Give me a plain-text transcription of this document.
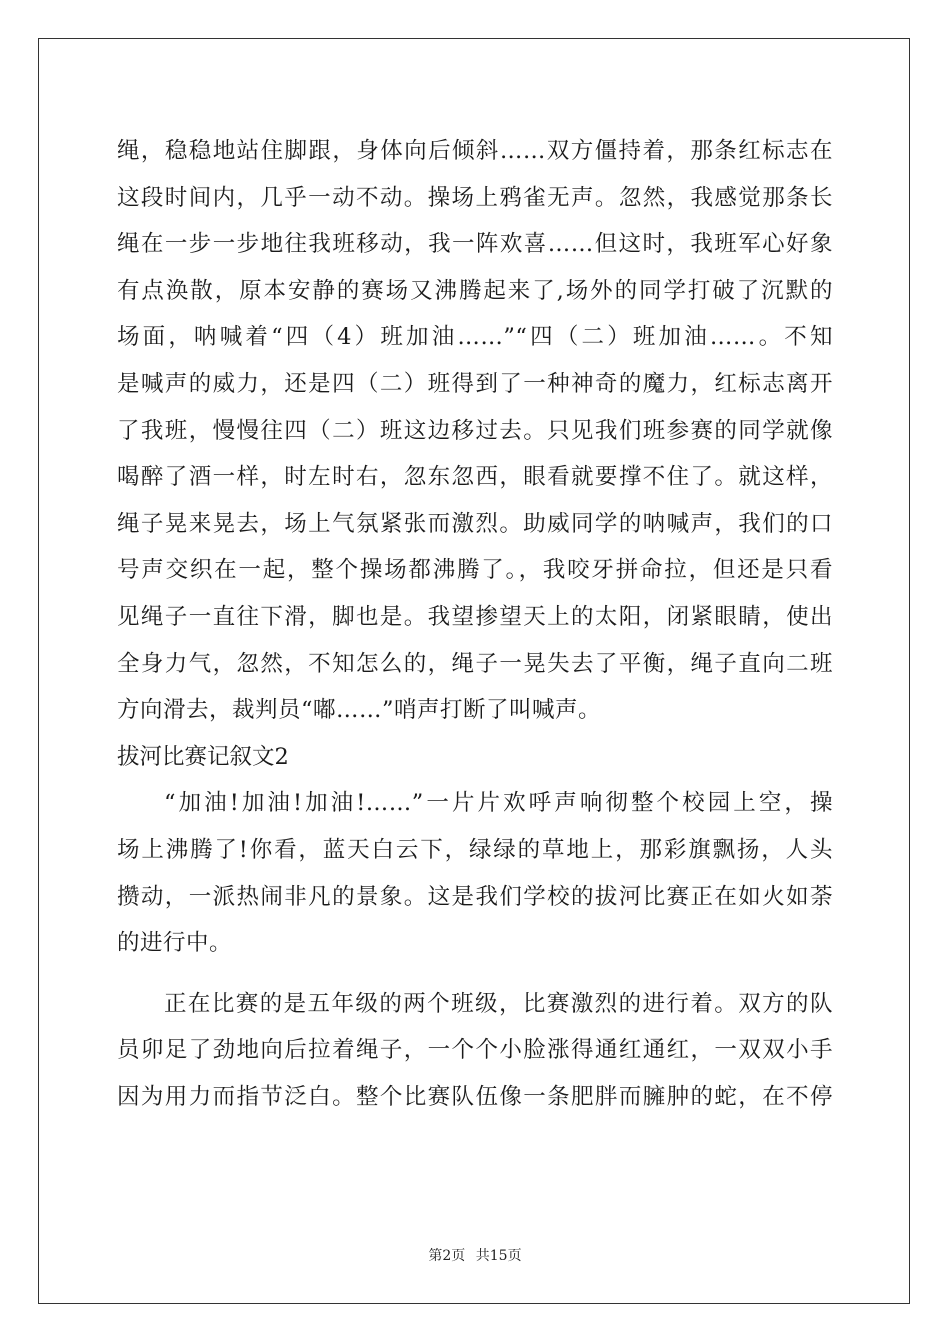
绳，稳稳地站住脚跟，身体向后倾斜……双方僵持着，那条红标志在
这段时间内，几乎一动不动。操场上鸦雀无声。忽然，我感觉那条长
绳在一步一步地往我班移动，我一阵欢喜……但这时，我班军心好象
有点涣散，原本安静的赛场又沸腾起来了,场外的同学打破了沉默的
场面，呐喊着“四（4）班加油……”“四（二）班加油……。不知
是喊声的威力，还是四（二）班得到了一种神奇的魔力，红标志离开
了我班，慢慢往四（二）班这边移过去。只见我们班参赛的同学就像
喝醉了酒一样，时左时右，忽东忽西，眼看就要撑不住了。就这样，
绳子晃来晃去，场上气氛紧张而激烈。助威同学的呐喊声，我们的口
号声交织在一起，整个操场都沸腾了。，我咬牙拼命拉，但还是只看
见绳子一直往下滑，脚也是。我望掺望天上的太阳，闭紧眼睛，使出
全身力气，忽然，不知怎么的，绳子一晃失去了平衡，绳子直向二班
方向滑去，裁判员“嘟……”哨声打断了叫喊声。
拔河比赛记叙文2
“加油!加油!加油!……”一片片欢呼声响彻整个校园上空，操
场上沸腾了!你看，蓝天白云下，绿绿的草地上，那彩旗飘扬，人头
攒动，一派热闹非凡的景象。这是我们学校的拔河比赛正在如火如荼
的进行中。
正在比赛的是五年级的两个班级，比赛激烈的进行着。双方的队
员卯足了劲地向后拉着绳子，一个个小脸涨得通红通红，一双双小手
因为用力而指节泛白。整个比赛队伍像一条肥胖而臃肿的蛇，在不停
第2页 共15页
